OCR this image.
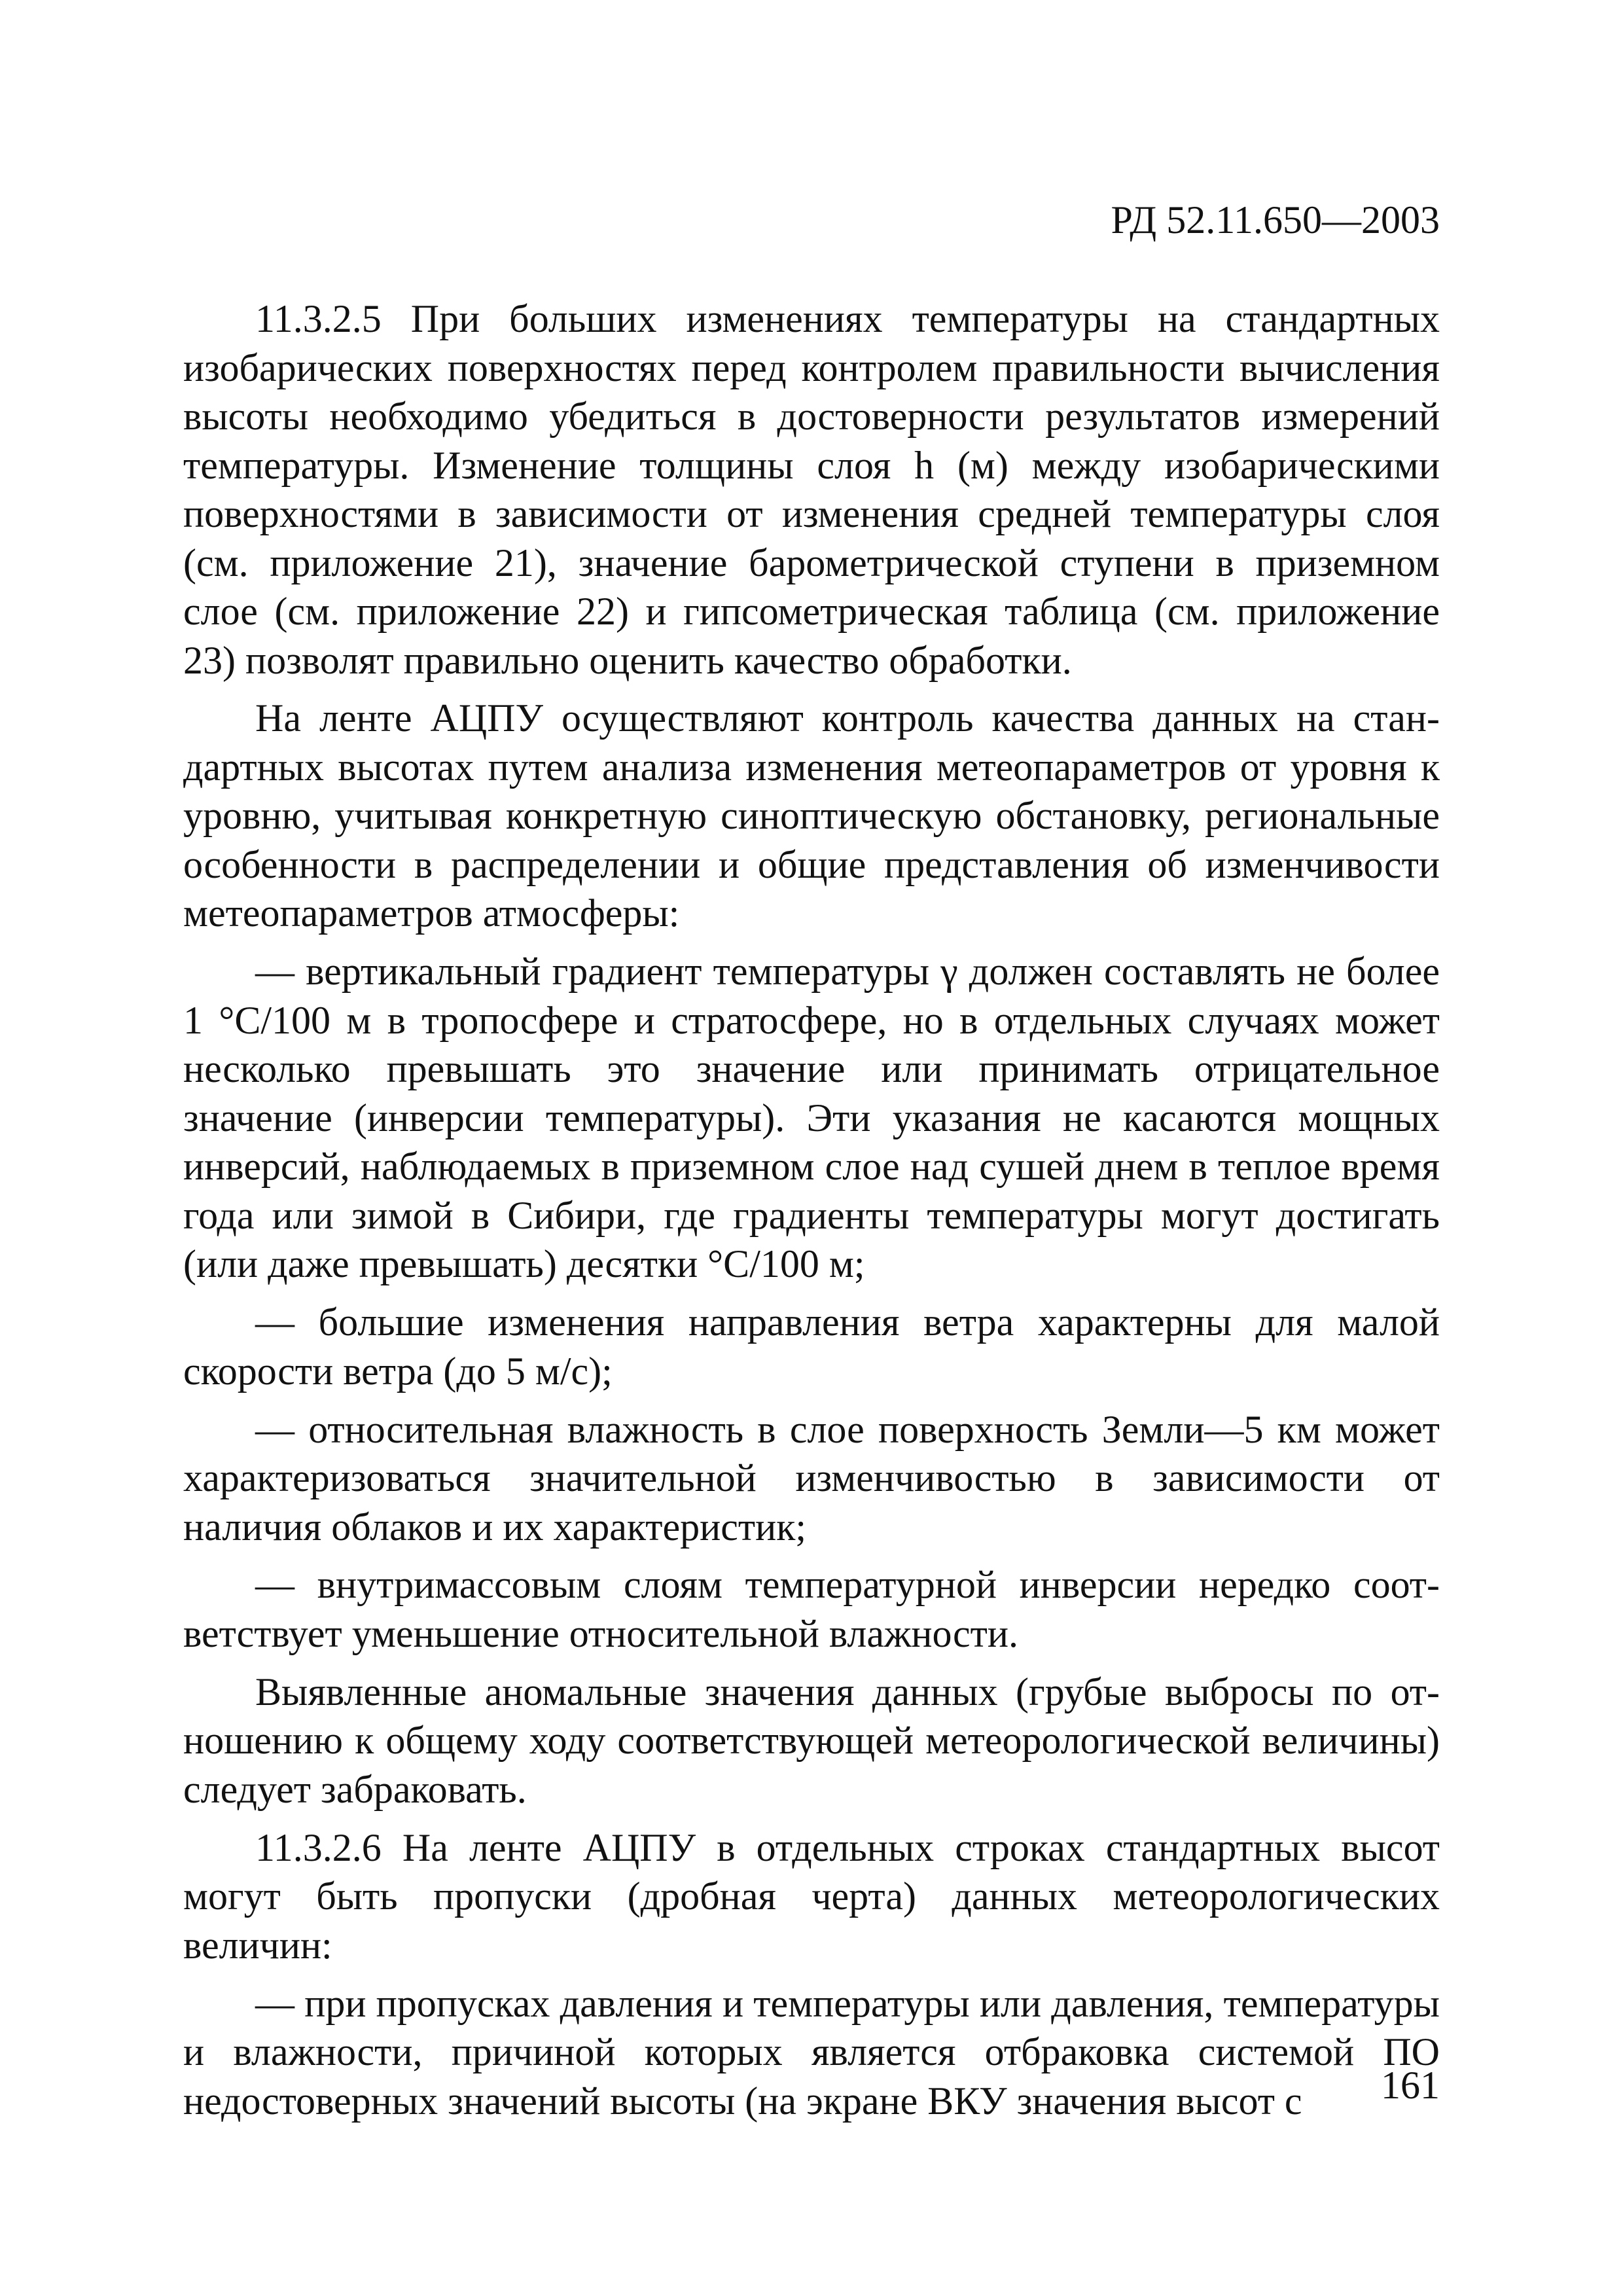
РД 52.11.650—2003

11.3.2.5 При больших изменениях температуры на стандартных изобарических поверхностях перед контролем правильности вычисления высоты необходимо убедиться в достоверности результатов измерений температуры. Изменение толщины слоя h (м) между изобарическими поверхностями в зависимости от изменения средней температуры слоя (см. приложение 21), значение барометрической ступени в приземном слое (см. приложение 22) и гипсометрическая таблица (см. приложение 23) позволят правильно оценить качество обработки.

На ленте АЦПУ осуществляют контроль качества данных на стандартных высотах путем анализа изменения метеопараметров от уровня к уровню, учитывая конкретную синоптическую обстановку, региональные особенности в распределении и общие представления об изменчивости метеопараметров атмосферы:

— вертикальный градиент температуры γ должен составлять не более 1 °С/100 м в тропосфере и стратосфере, но в отдельных случаях может несколько превышать это значение или принимать отрицательное значение (инверсии температуры). Эти указания не касаются мощных инверсий, наблюдаемых в приземном слое над сушей днем в теплое время года или зимой в Сибири, где градиенты температуры могут достигать (или даже превышать) десятки °С/100 м;

— большие изменения направления ветра характерны для малой скорости ветра (до 5 м/с);

— относительная влажность в слое поверхность Земли—5 км может характеризоваться значительной изменчивостью в зависимости от наличия облаков и их характеристик;

— внутримассовым слоям температурной инверсии нередко соответствует уменьшение относительной влажности.

Выявленные аномальные значения данных (грубые выбросы по отношению к общему ходу соответствующей метеорологической величины) следует забраковать.

11.3.2.6 На ленте АЦПУ в отдельных строках стандартных высот могут быть пропуски (дробная черта) данных метеорологических величин:

— при пропусках давления и температуры или давления, температуры и влажности, причиной которых является отбраковка системой ПО недостоверных значений высоты (на экране ВКУ значения высот с	161
